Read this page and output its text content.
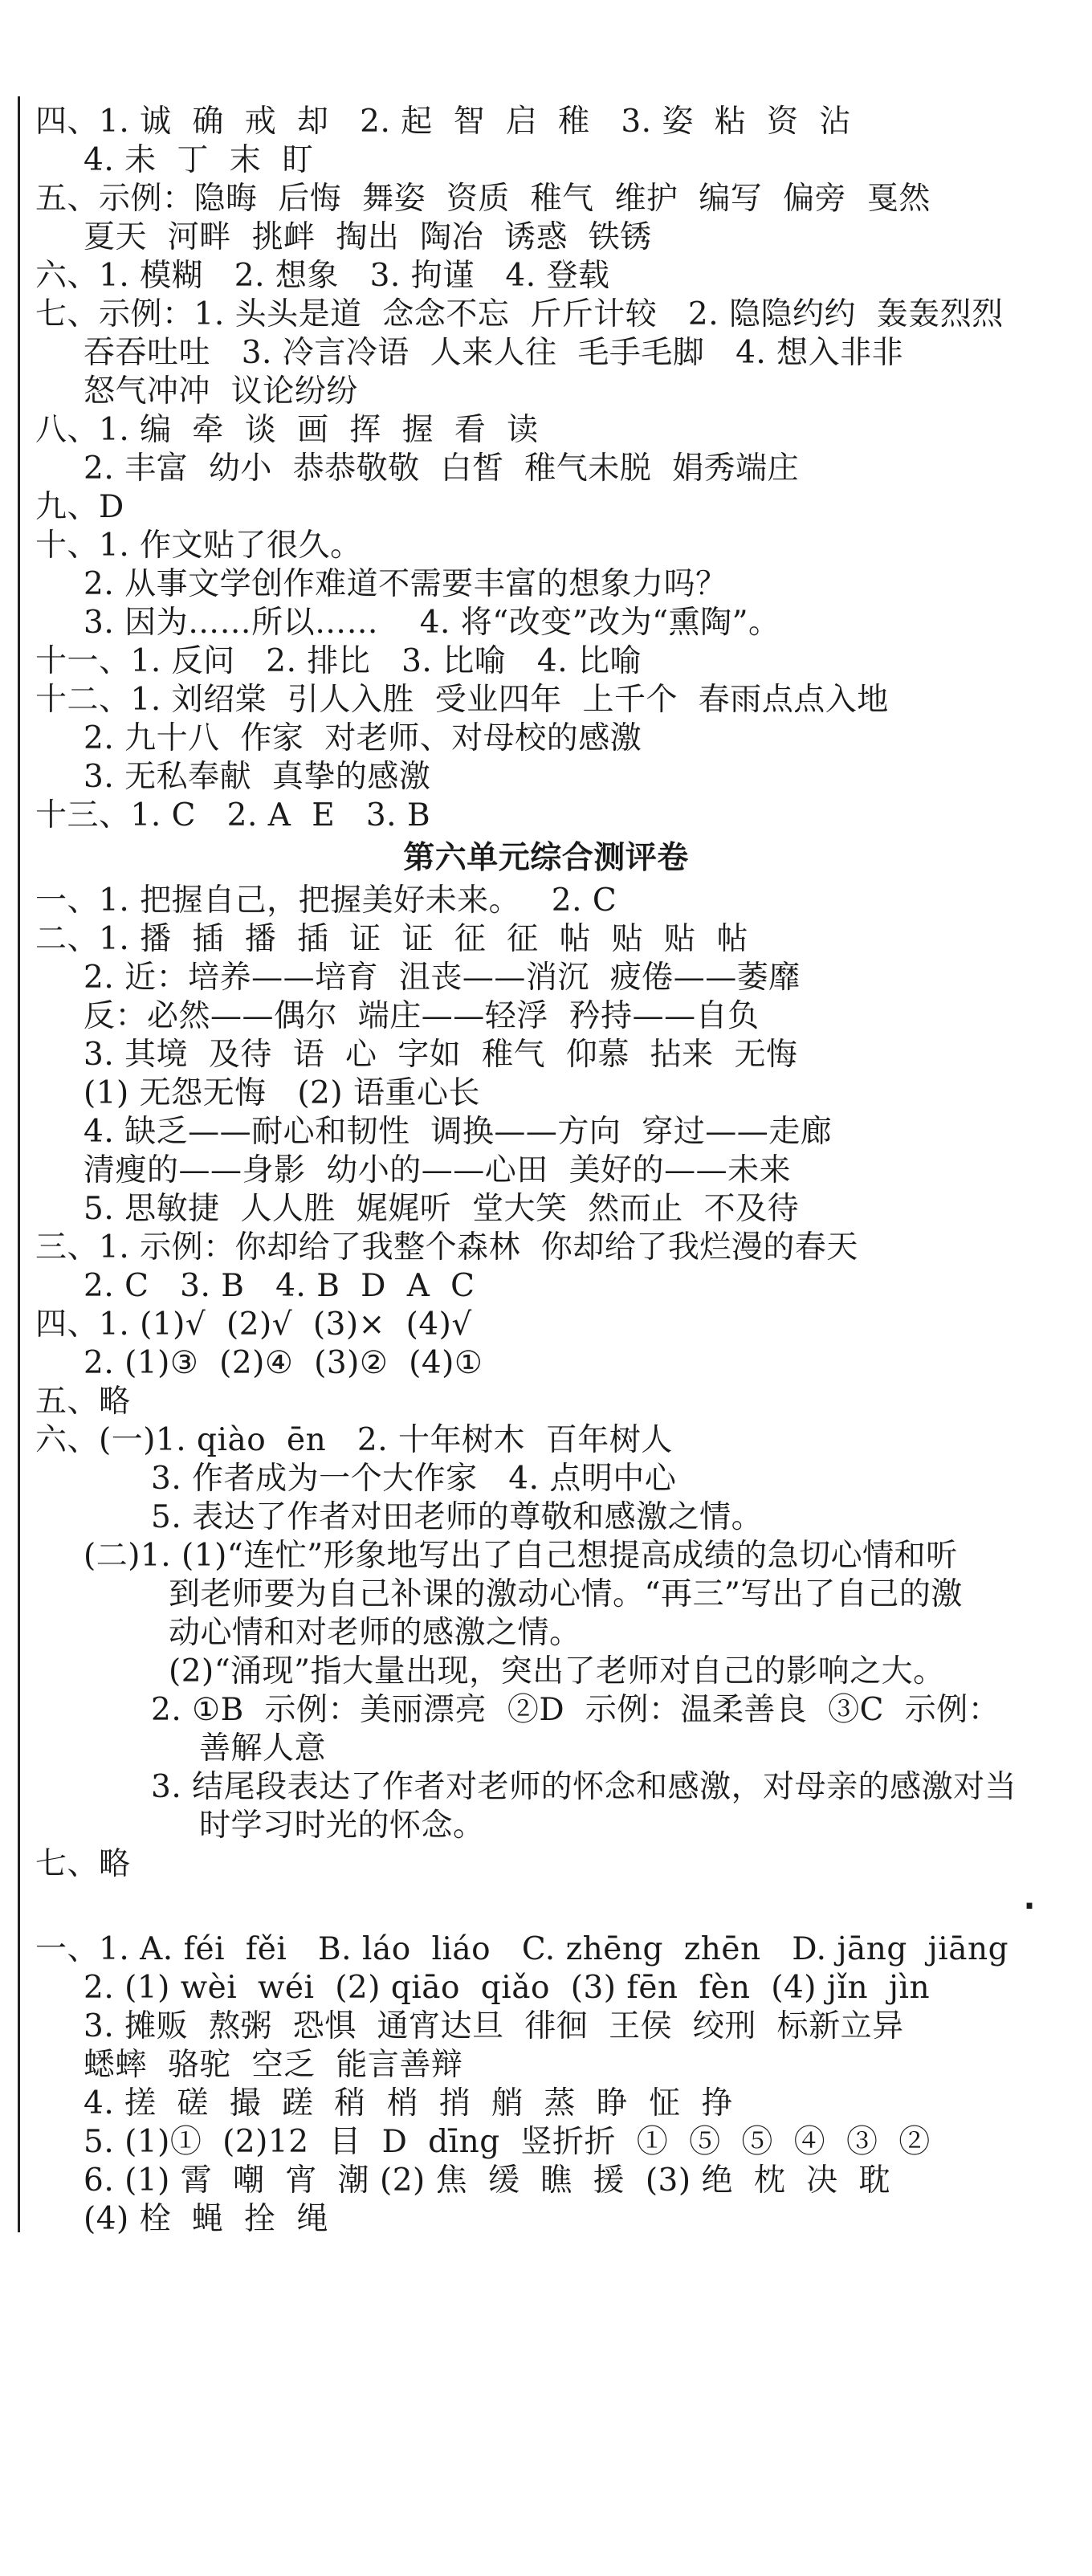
四、1. 诚  确  戒  却   2. 起  智  启  稚   3. 姿  粘  资  沾
4. 未  丁  末  盯
五、示例：隐晦  后悔  舞姿  资质  稚气  维护  编写  偏旁  戛然
夏天  河畔  挑衅  掏出  陶冶  诱惑  铁锈
六、1. 模糊   2. 想象   3. 拘谨   4. 登载
七、示例：1. 头头是道  念念不忘  斤斤计较   2. 隐隐约约  轰轰烈烈
吞吞吐吐   3. 冷言冷语  人来人往  毛手毛脚   4. 想入非非
怒气冲冲  议论纷纷
八、1. 编  牵  谈  画  挥  握  看  读
2. 丰富  幼小  恭恭敬敬  白皙  稚气未脱  娟秀端庄
九、D
十、1. 作文贴了很久。
2. 从事文学创作难道不需要丰富的想象力吗？
3. 因为……所以……    4. 将“改变”改为“熏陶”。
十一、1. 反问   2. 排比   3. 比喻   4. 比喻
十二、1. 刘绍棠  引人入胜  受业四年  上千个  春雨点点入地
2. 九十八  作家  对老师、对母校的感激
3. 无私奉献  真挚的感激
十三、1. C   2. A  E   3. B
第六单元综合测评卷
一、1. 把握自己，把握美好未来。   2. C
二、1. 播  插  播  插  证  证  征  征  帖  贴  贴  帖
2. 近：培养——培育  沮丧——消沉  疲倦——萎靡
反：必然——偶尔  端庄——轻浮  矜持——自负
3. 其境  及待  语  心  字如  稚气  仰慕  拈来  无悔
(1) 无怨无悔   (2) 语重心长
4. 缺乏——耐心和韧性  调换——方向  穿过——走廊
清瘦的——身影  幼小的——心田  美好的——未来
5. 思敏捷  人人胜  娓娓听  堂大笑  然而止  不及待
三、1. 示例：你却给了我整个森林  你却给了我烂漫的春天
2. C   3. B   4. B  D  A  C
四、1. (1)√  (2)√  (3)×  (4)√
2. (1)③  (2)④  (3)②  (4)①
五、略
六、(一)1. qiào  ēn   2. 十年树木  百年树人
3. 作者成为一个大作家   4. 点明中心
5. 表达了作者对田老师的尊敬和感激之情。
(二)1. (1)“连忙”形象地写出了自己想提高成绩的急切心情和听
到老师要为自己补课的激动心情。“再三”写出了自己的激
动心情和对老师的感激之情。
(2)“涌现”指大量出现，突出了老师对自己的影响之大。
2. ①B  示例：美丽漂亮  ②D  示例：温柔善良  ③C  示例：
善解人意
3. 结尾段表达了作者对老师的怀念和感激，对母亲的感激对当
时学习时光的怀念。
七、略

·

一、1. A. féi  fěi   B. láo  liáo   C. zhēng  zhēn   D. jāng  jiāng
2. (1) wèi  wéi  (2) qiāo  qiǎo  (3) fēn  fèn  (4) jǐn  jìn
3. 摊贩  熬粥  恐惧  通宵达旦  徘徊  王侯  绞刑  标新立异
蟋蟀  骆驼  空乏  能言善辩
4. 搓  磋  撮  蹉  稍  梢  捎  艄  蒸  睁  怔  挣
5. (1)①  (2)12  目  D  dīng  竖折折  ①  ⑤  ⑤  ④  ③  ②
6. (1) 霄  嘲  宵  潮 (2) 焦  缓  瞧  援  (3) 绝  枕  决  耽
(4) 栓  蝇  拴  绳
